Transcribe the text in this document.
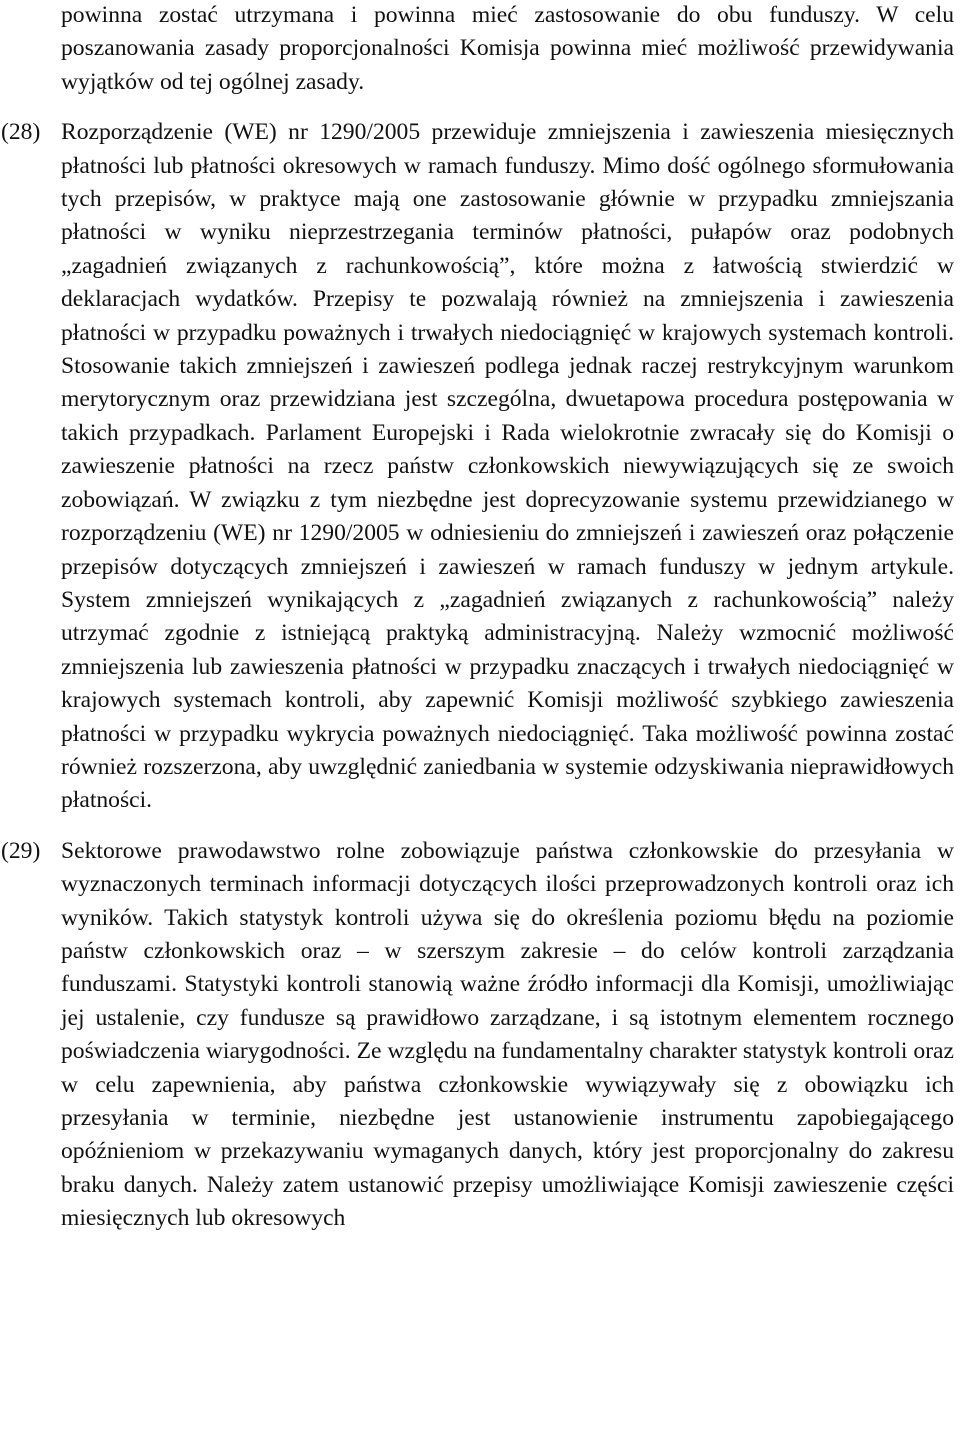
powinna zostać utrzymana i powinna mieć zastosowanie do obu funduszy. W celu poszanowania zasady proporcjonalności Komisja powinna mieć możliwość przewidywania wyjątków od tej ogólnej zasady.

(28) Rozporządzenie (WE) nr 1290/2005 przewiduje zmniejszenia i zawieszenia miesięcznych płatności lub płatności okresowych w ramach funduszy. Mimo dość ogólnego sformułowania tych przepisów, w praktyce mają one zastosowanie głównie w przypadku zmniejszania płatności w wyniku nieprzestrzegania terminów płatności, pułapów oraz podobnych „zagadnień związanych z rachunkowością”, które można z łatwością stwierdzić w deklaracjach wydatków. Przepisy te pozwalają również na zmniejszenia i zawieszenia płatności w przypadku poważnych i trwałych niedociągnięć w krajowych systemach kontroli. Stosowanie takich zmniejszeń i zawieszeń podlega jednak raczej restrykcyjnym warunkom merytorycznym oraz przewidziana jest szczególna, dwuetapowa procedura postępowania w takich przypadkach. Parlament Europejski i Rada wielokrotnie zwracały się do Komisji o zawieszenie płatności na rzecz państw członkowskich niewywiązujących się ze swoich zobowiązań. W związku z tym niezbędne jest doprecyzowanie systemu przewidzianego w rozporządzeniu (WE) nr 1290/2005 w odniesieniu do zmniejszeń i zawieszeń oraz połączenie przepisów dotyczących zmniejszeń i zawieszeń w ramach funduszy w jednym artykule. System zmniejszeń wynikających z „zagadnień związanych z rachunkowością” należy utrzymać zgodnie z istniejącą praktyką administracyjną. Należy wzmocnić możliwość zmniejszenia lub zawieszenia płatności w przypadku znaczących i trwałych niedociągnięć w krajowych systemach kontroli, aby zapewnić Komisji możliwość szybkiego zawieszenia płatności w przypadku wykrycia poważnych niedociągnięć. Taka możliwość powinna zostać również rozszerzona, aby uwzględnić zaniedbania w systemie odzyskiwania nieprawidłowych płatności.

(29) Sektorowe prawodawstwo rolne zobowiązuje państwa członkowskie do przesyłania w wyznaczonych terminach informacji dotyczących ilości przeprowadzonych kontroli oraz ich wyników. Takich statystyk kontroli używa się do określenia poziomu błędu na poziomie państw członkowskich oraz – w szerszym zakresie – do celów kontroli zarządzania funduszami. Statystyki kontroli stanowią ważne źródło informacji dla Komisji, umożliwiając jej ustalenie, czy fundusze są prawidłowo zarządzane, i są istotnym elementem rocznego poświadczenia wiarygodności. Ze względu na fundamentalny charakter statystyk kontroli oraz w celu zapewnienia, aby państwa członkowskie wywiązywały się z obowiązku ich przesyłania w terminie, niezbędne jest ustanowienie instrumentu zapobiegającego opóźnieniom w przekazywaniu wymaganych danych, który jest proporcjonalny do zakresu braku danych. Należy zatem ustanowić przepisy umożliwiające Komisji zawieszenie części miesięcznych lub okresowych
